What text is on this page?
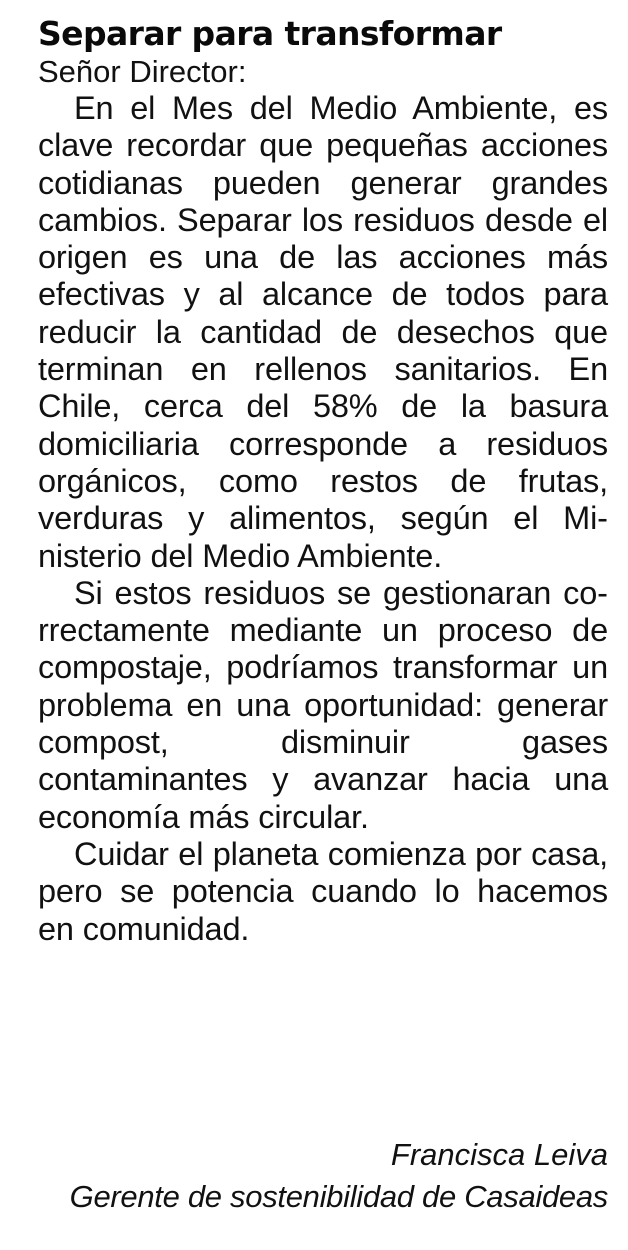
Separar para transformar

Señor Director:

En el Mes del Medio Ambiente, es clave recordar que pequeñas acciones cotidianas pueden generar grandes cambios. Separar los residuos desde el origen es una de las acciones más efectivas y al alcance de todos para reducir la cantidad de desechos que terminan en rellenos sanitarios. En Chile, cerca del 58% de la basura domiciliaria corresponde a residuos orgánicos, como restos de frutas, verduras y alimentos, según el Ministerio del Medio Ambiente.

Si estos residuos se gestionaran correctamente mediante un proceso de compostaje, podríamos transformar un problema en una oportunidad: generar compost, disminuir gases contaminantes y avanzar hacia una economía más circular.

Cuidar el planeta comienza por casa, pero se potencia cuando lo hacemos en comunidad.

Francisca Leiva
Gerente de sostenibilidad de Casaideas
